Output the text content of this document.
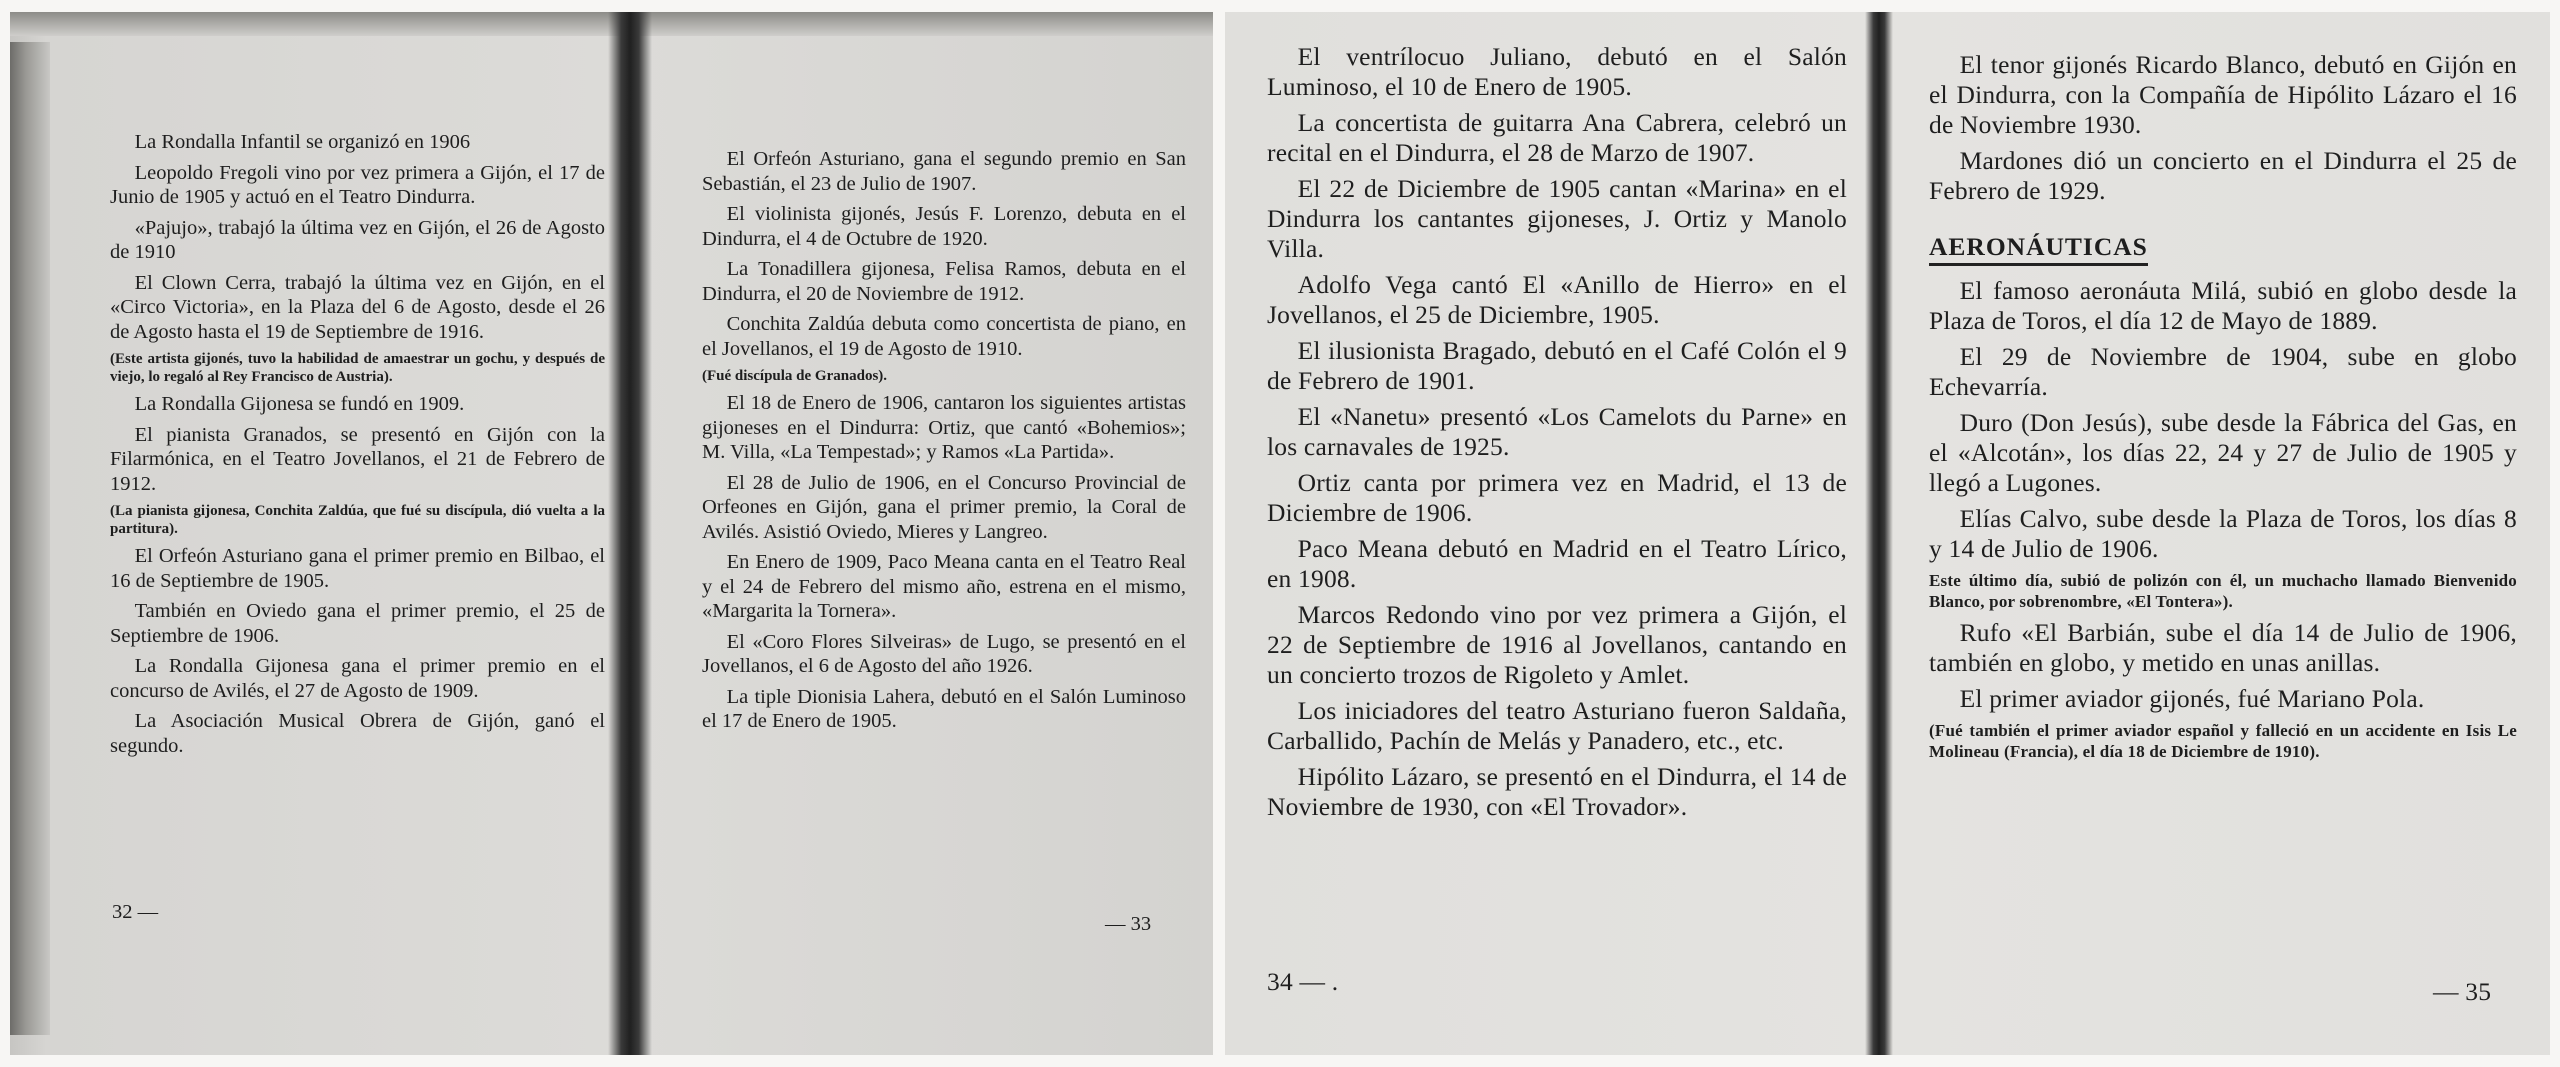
La Rondalla Infantil se organizó en 1906

Leopoldo Fregoli vino por vez primera a Gijón, el 17 de Junio de 1905 y actuó en el Teatro Dindurra.

«Pajujo», trabajó la última vez en Gijón, el 26 de Agosto de 1910

El Clown Cerra, trabajó la última vez en Gijón, en el «Circo Victoria», en la Plaza del 6 de Agosto, desde el 26 de Agosto hasta el 19 de Septiembre de 1916.

(Este artista gijonés, tuvo la habilidad de amaestrar un gochu, y después de viejo, lo regaló al Rey Francisco de Austria).

La Rondalla Gijonesa se fundó en 1909.

El pianista Granados, se presentó en Gijón con la Filarmónica, en el Teatro Jovellanos, el 21 de Febrero de 1912.

(La pianista gijonesa, Conchita Zaldúa, que fué su discípula, dió vuelta a la partitura).

El Orfeón Asturiano gana el primer premio en Bilbao, el 16 de Septiembre de 1905.

También en Oviedo gana el primer premio, el 25 de Septiembre de 1906.

La Rondalla Gijonesa gana el primer premio en el concurso de Avilés, el 27 de Agosto de 1909.

La Asociación Musical Obrera de Gijón, ganó el segundo.

32 —

El Orfeón Asturiano, gana el segundo premio en San Sebastián, el 23 de Julio de 1907.

El violinista gijonés, Jesús F. Lorenzo, debuta en el Dindurra, el 4 de Octubre de 1920.

La Tonadillera gijonesa, Felisa Ramos, debuta en el Dindurra, el 20 de Noviembre de 1912.

Conchita Zaldúa debuta como concertista de piano, en el Jovellanos, el 19 de Agosto de 1910.

(Fué discípula de Granados).

El 18 de Enero de 1906, cantaron los siguientes artistas gijoneses en el Dindurra: Ortiz, que cantó «Bohemios»; M. Villa, «La Tempestad»; y Ramos «La Partida».

El 28 de Julio de 1906, en el Concurso Provincial de Orfeones en Gijón, gana el primer premio, la Coral de Avilés. Asistió Oviedo, Mieres y Langreo.

En Enero de 1909, Paco Meana canta en el Teatro Real y el 24 de Febrero del mismo año, estrena en el mismo, «Margarita la Tornera».

El «Coro Flores Silveiras» de Lugo, se presentó en el Jovellanos, el 6 de Agosto del año 1926.

La tiple Dionisia Lahera, debutó en el Salón Luminoso el 17 de Enero de 1905.

— 33

El ventrílocuo Juliano, debutó en el Salón Luminoso, el 10 de Enero de 1905.

La concertista de guitarra Ana Cabrera, celebró un recital en el Dindurra, el 28 de Marzo de 1907.

El 22 de Diciembre de 1905 cantan «Marina» en el Dindurra los cantantes gijoneses, J. Ortiz y Manolo Villa.

Adolfo Vega cantó El «Anillo de Hierro» en el Jovellanos, el 25 de Diciembre, 1905.

El ilusionista Bragado, debutó en el Café Colón el 9 de Febrero de 1901.

El «Nanetu» presentó «Los Camelots du Parne» en los carnavales de 1925.

Ortiz canta por primera vez en Madrid, el 13 de Diciembre de 1906.

Paco Meana debutó en Madrid en el Teatro Lírico, en 1908.

Marcos Redondo vino por vez primera a Gijón, el 22 de Septiembre de 1916 al Jovellanos, cantando en un concierto trozos de Rigoleto y Amlet.

Los iniciadores del teatro Asturiano fueron Saldaña, Carballido, Pachín de Melás y Panadero, etc., etc.

Hipólito Lázaro, se presentó en el Dindurra, el 14 de Noviembre de 1930, con «El Trovador».

34 — .

El tenor gijonés Ricardo Blanco, debutó en Gijón en el Dindurra, con la Compañía de Hipólito Lázaro el 16 de Noviembre 1930.

Mardones dió un concierto en el Dindurra el 25 de Febrero de 1929.

AERONÁUTICAS

El famoso aeronáuta Milá, subió en globo desde la Plaza de Toros, el día 12 de Mayo de 1889.

El 29 de Noviembre de 1904, sube en globo Echevarría.

Duro (Don Jesús), sube desde la Fábrica del Gas, en el «Alcotán», los días 22, 24 y 27 de Julio de 1905 y llegó a Lugones.

Elías Calvo, sube desde la Plaza de Toros, los días 8 y 14 de Julio de 1906.

Este último día, subió de polizón con él, un muchacho llamado Bienvenido Blanco, por sobrenombre, «El Tontera»).

Rufo «El Barbián, sube el día 14 de Julio de 1906, también en globo, y metido en unas anillas.

El primer aviador gijonés, fué Mariano Pola.

(Fué también el primer aviador español y falleció en un accidente en Isis Le Molineau (Francia), el día 18 de Diciembre de 1910).

— 35
